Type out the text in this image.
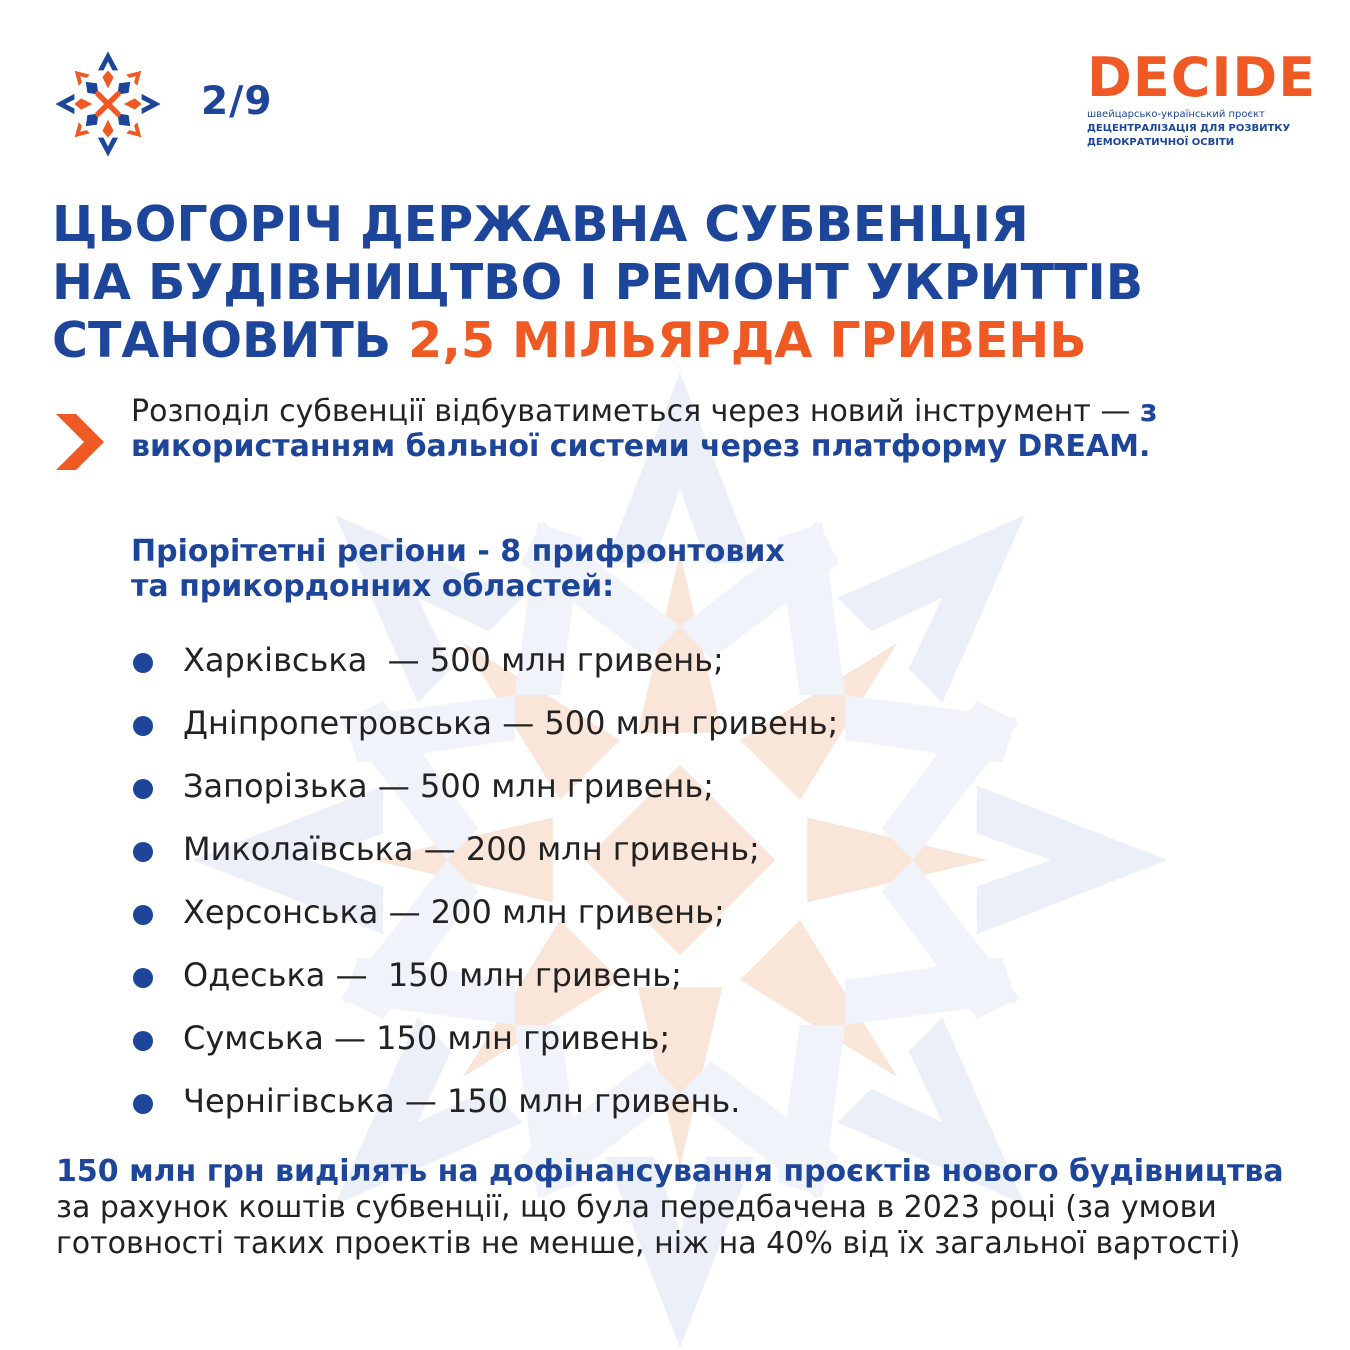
2/9	DECIDE
швейцарсько-український проєкт
ДЕЦЕНТРАЛІЗАЦІЯ ДЛЯ РОЗВИТКУ
ДЕМОКРАТИЧНОЇ ОСВІТИ
ЦЬОГОРІЧ ДЕРЖАВНА СУБВЕНЦІЯ
НА БУДІВНИЦТВО І РЕМОНТ УКРИТТІВ
СТАНОВИТЬ 2,5 МІЛЬЯРДА ГРИВЕНЬ

Розподіл субвенції відбуватиметься через новий інструмент — з використанням бальної системи через платформу DREAM.

Пріорітетні регіони - 8 прифронтових
та прикордонних областей:

Харківська  — 500 млн гривень;
Дніпропетровська — 500 млн гривень;
Запорізька — 500 млн гривень;
Миколаївська — 200 млн гривень;
Херсонська — 200 млн гривень;
Одеська —  150 млн гривень;
Сумська — 150 млн гривень;
Чернігівська — 150 млн гривень.

150 млн грн виділять на дофінансування проєктів нового будівництва за рахунок коштів субвенції, що була передбачена в 2023 році (за умови готовності таких проектів не менше, ніж на 40% від їх загальної вартості)
